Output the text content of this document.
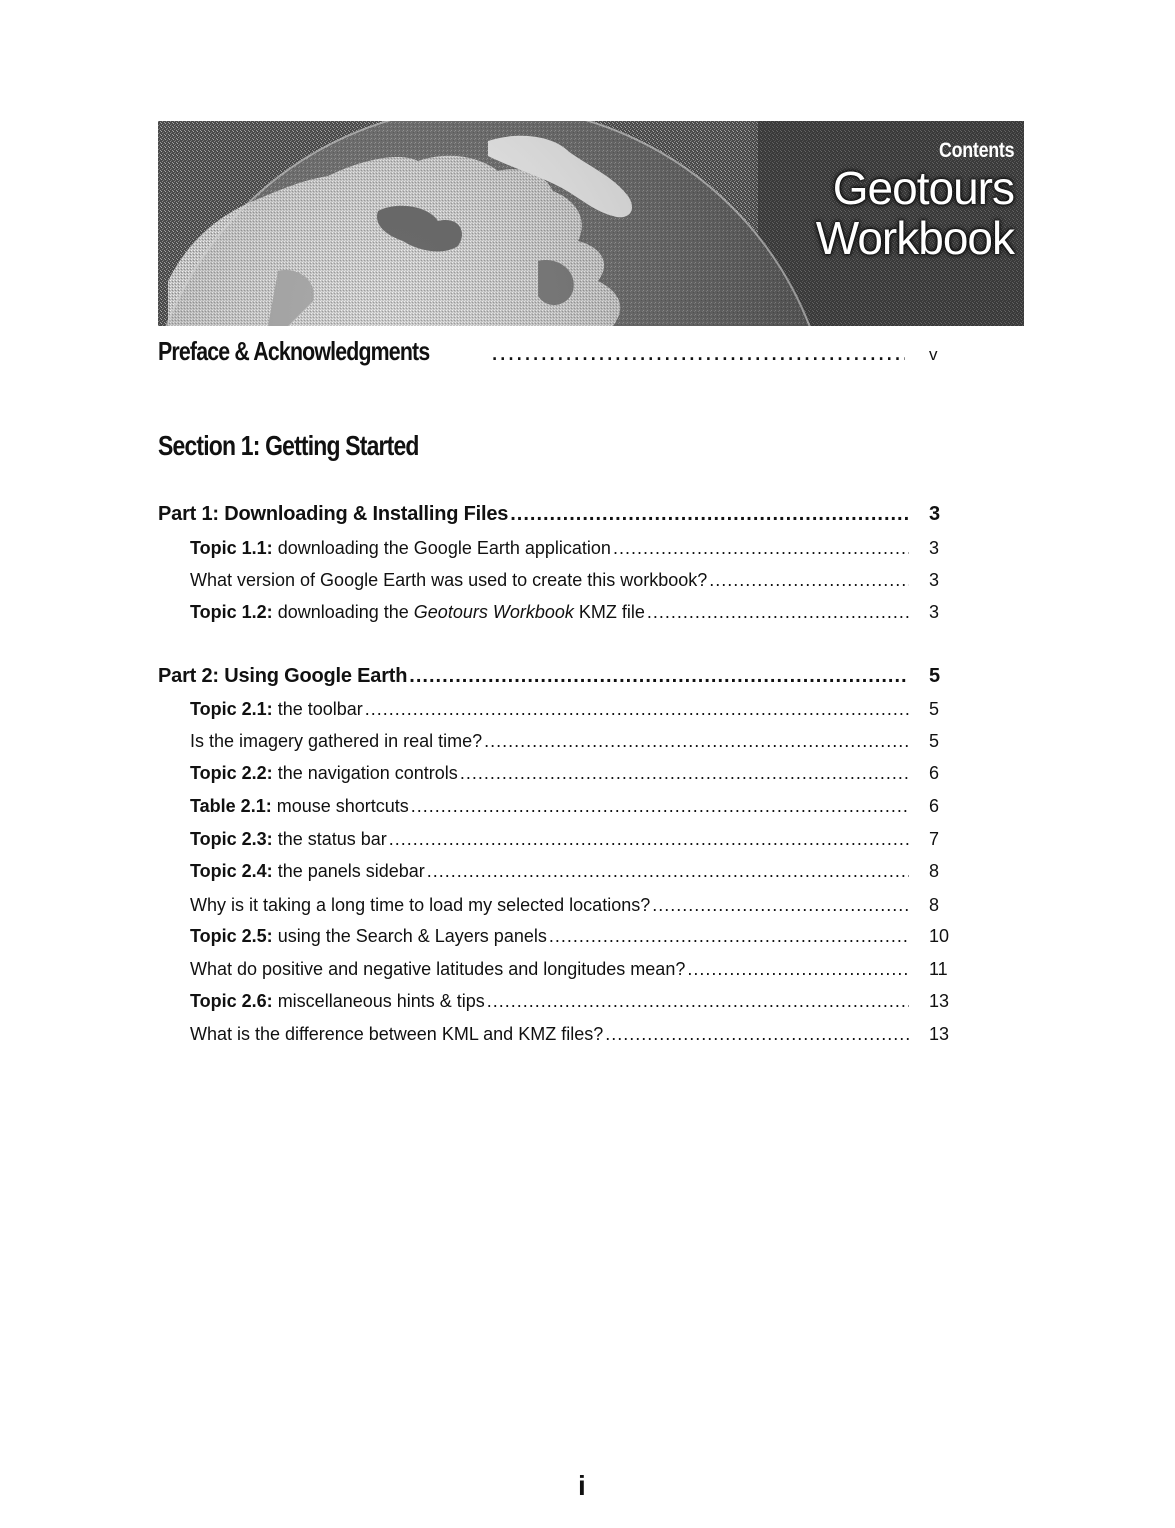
Contents
Geotours
Workbook
Preface & Acknowledgments .....	v
Section 1: Getting Started
Part 1: Downloading & Installing Files .....	3
Topic 1.1: downloading the Google Earth application .....	3
What version of Google Earth was used to create this workbook? .....	3
Topic 1.2: downloading the Geotours Workbook KMZ file .....	3
Part 2: Using Google Earth .....	5
Topic 2.1: the toolbar .....	5
Is the imagery gathered in real time? .....	5
Topic 2.2: the navigation controls .....	6
Table 2.1: mouse shortcuts .....	6
Topic 2.3: the status bar .....	7
Topic 2.4: the panels sidebar .....	8
Why is it taking a long time to load my selected locations? .....	8
Topic 2.5: using the Search & Layers panels .....	10
What do positive and negative latitudes and longitudes mean? .....	11
Topic 2.6: miscellaneous hints & tips .....	13
What is the difference between KML and KMZ files? .....	13
i
